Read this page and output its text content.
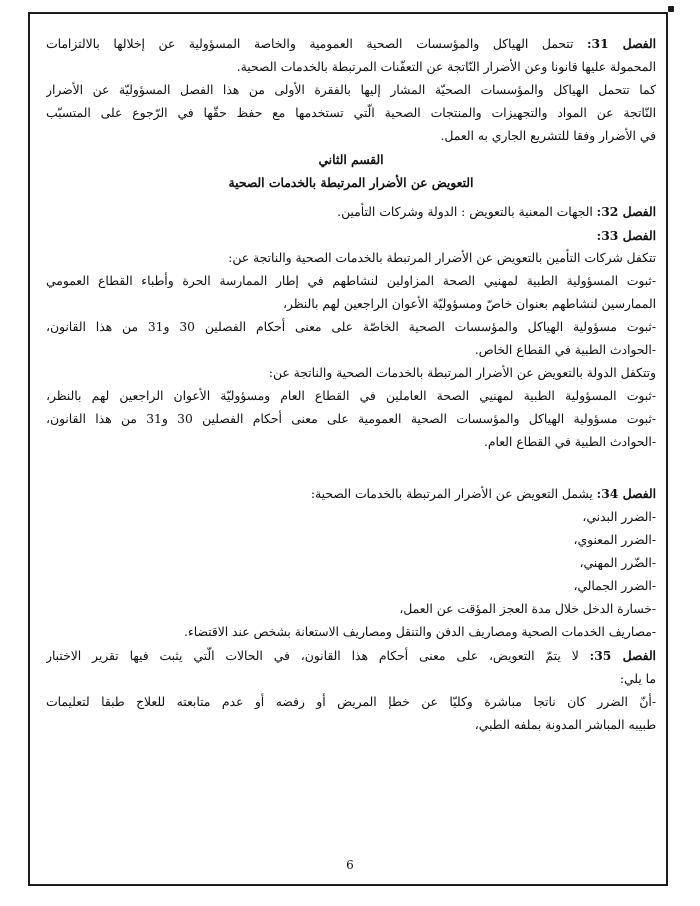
الفصل 31: تتحمل الهياكل والمؤسسات الصحية العمومية والخاصة المسؤولية عن إخلالها بالالتزامات
المحمولة عليها قانونا وعن الأضرار النّاتجة عن التعفّنات المرتبطة بالخدمات الصحية.
كما تتحمل الهياكل والمؤسسات الصحيّة المشار إليها بالفقرة الأولى من هذا الفصل المسؤوليّة عن الأضرار
النّاتجة عن المواد والتجهيزات والمنتجات الصحية الّتي تستخدمها مع حفظ حقّها في الرّجوع على المتسبّب
في الأضرار وفقا للتشريع الجاري به العمل.
القسم الثاني
التعويض عن الأضرار المرتبطة بالخدمات الصحية
الفصل 32: الجهات المعنية بالتعويض : الدولة وشركات التأمين.
الفصل 33:
تتكفل شركات التأمين بالتعويض عن الأضرار المرتبطة بالخدمات الصحية والناتجة عن:
-ثبوت المسؤولية الطبية لمهنيي الصحة المزاولين لنشاطهم في إطار الممارسة الحرة وأطباء القطاع العمومي
الممارسين لنشاطهم بعنوان خاصّ ومسؤوليّة الأعوان الراجعين لهم بالنظر،
-ثبوت مسؤولية الهياكل والمؤسسات الصحية الخاصّة على معنى أحكام الفصلين 30 و31 من هذا القانون،
-الحوادث الطبية في القطاع الخاص.
وتتكفل الدولة بالتعويض عن الأضرار المرتبطة بالخدمات الصحية والناتجة عن:
-ثبوت المسؤولية الطبية لمهنيي الصحة العاملين في القطاع العام ومسؤوليّة الأعوان الراجعين لهم بالنظر،
-ثبوت مسؤولية الهياكل والمؤسسات الصحية العمومية على معنى أحكام الفصلين 30 و31 من هذا القانون،
-الحوادث الطبية في القطاع العام.
الفصل 34: يشمل التعويض عن الأضرار المرتبطة بالخدمات الصحية:
-الضرر البدني،
-الضرر المعنوي،
-الضّرر المهني،
-الضرر الجمالي،
-خسارة الدخل خلال مدة العجز المؤقت عن العمل،
-مصاريف الخدمات الصحية ومصاريف الدفن والتنقل ومصاريف الاستعانة بشخص عند الاقتضاء.
الفصل 35: لا يتمّ التعويض، على معنى أحكام هذا القانون، في الحالات الّتي يثبت فيها تقرير الاختبار
ما يلي:
-أنّ الضرر كان ناتجا مباشرة وكليّا عن خطإ المريض أو رفضه أو عدم متابعته للعلاج طبقا لتعليمات
طبيبه المباشر المدونة بملفه الطبي،
6
